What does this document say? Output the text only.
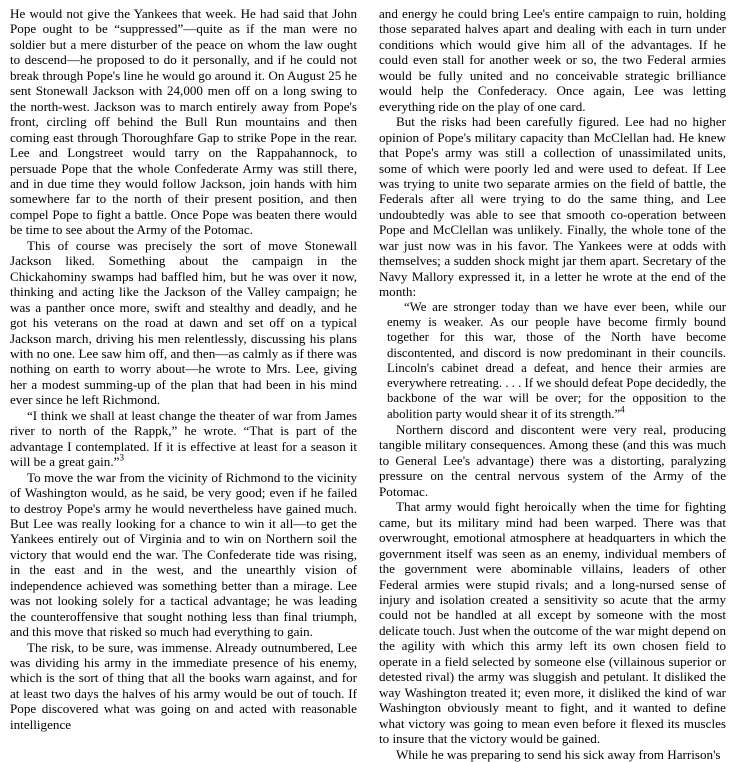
He would not give the Yankees that week. He had said that John Pope ought to be “suppressed”—quite as if the man were no soldier but a mere disturber of the peace on whom the law ought to descend—he proposed to do it personally, and if he could not break through Pope's line he would go around it. On August 25 he sent Stonewall Jackson with 24,000 men off on a long swing to the north-west. Jackson was to march entirely away from Pope's front, circling off behind the Bull Run mountains and then coming east through Thoroughfare Gap to strike Pope in the rear. Lee and Longstreet would tarry on the Rappahannock, to persuade Pope that the whole Confederate Army was still there, and in due time they would follow Jackson, join hands with him somewhere far to the north of their present position, and then compel Pope to fight a battle. Once Pope was beaten there would be time to see about the Army of the Potomac.

This of course was precisely the sort of move Stonewall Jackson liked. Something about the campaign in the Chickahominy swamps had baffled him, but he was over it now, thinking and acting like the Jackson of the Valley campaign; he was a panther once more, swift and stealthy and deadly, and he got his veterans on the road at dawn and set off on a typical Jackson march, driving his men relentlessly, discussing his plans with no one. Lee saw him off, and then—as calmly as if there was nothing on earth to worry about—he wrote to Mrs. Lee, giving her a modest summing-up of the plan that had been in his mind ever since he left Richmond.

“I think we shall at least change the theater of war from James river to north of the Rappk,” he wrote. “That is part of the advantage I contemplated. If it is effective at least for a season it will be a great gain.”$^3$

To move the war from the vicinity of Richmond to the vicinity of Washington would, as he said, be very good; even if he failed to destroy Pope's army he would nevertheless have gained much. But Lee was really looking for a chance to win it all—to get the Yankees entirely out of Virginia and to win on Northern soil the victory that would end the war. The Confederate tide was rising, in the east and in the west, and the unearthly vision of independence achieved was something better than a mirage. Lee was not looking solely for a tactical advantage; he was leading the counteroffensive that sought nothing less than final triumph, and this move that risked so much had everything to gain.

The risk, to be sure, was immense. Already outnumbered, Lee was dividing his army in the immediate presence of his enemy, which is the sort of thing that all the books warn against, and for at least two days the halves of his army would be out of touch. If Pope discovered what was going on and acted with reasonable intelligence

and energy he could bring Lee's entire campaign to ruin, holding those separated halves apart and dealing with each in turn under conditions which would give him all of the advantages. If he could even stall for another week or so, the two Federal armies would be fully united and no conceivable strategic brilliance would help the Confederacy. Once again, Lee was letting everything ride on the play of one card.

But the risks had been carefully figured. Lee had no higher opinion of Pope's military capacity than McClellan had. He knew that Pope's army was still a collection of unassimilated units, some of which were poorly led and were used to defeat. If Lee was trying to unite two separate armies on the field of battle, the Federals after all were trying to do the same thing, and Lee undoubtedly was able to see that smooth co-operation between Pope and McClellan was unlikely. Finally, the whole tone of the war just now was in his favor. The Yankees were at odds with themselves; a sudden shock might jar them apart. Secretary of the Navy Mallory expressed it, in a letter he wrote at the end of the month:

“We are stronger today than we have ever been, while our enemy is weaker. As our people have become firmly bound together for this war, those of the North have become discontented, and discord is now predominant in their councils. Lincoln's cabinet dread a defeat, and hence their armies are everywhere retreating. . . . If we should defeat Pope decidedly, the backbone of the war will be over; for the opposition to the abolition party would shear it of its strength.”$^4$

Northern discord and discontent were very real, producing tangible military consequences. Among these (and this was much to General Lee's advantage) there was a distorting, paralyzing pressure on the central nervous system of the Army of the Potomac.

That army would fight heroically when the time for fighting came, but its military mind had been warped. There was that overwrought, emotional atmosphere at headquarters in which the government itself was seen as an enemy, individual members of the government were abominable villains, leaders of other Federal armies were stupid rivals; and a long-nursed sense of injury and isolation created a sensitivity so acute that the army could not be handled at all except by someone with the most delicate touch. Just when the outcome of the war might depend on the agility with which this army left its own chosen field to operate in a field selected by someone else (villainous superior or detested rival) the army was sluggish and petulant. It disliked the way Washington treated it; even more, it disliked the kind of war Washington obviously meant to fight, and it wanted to define what victory was going to mean even before it flexed its muscles to insure that the victory would be gained.

While he was preparing to send his sick away from Harrison's
